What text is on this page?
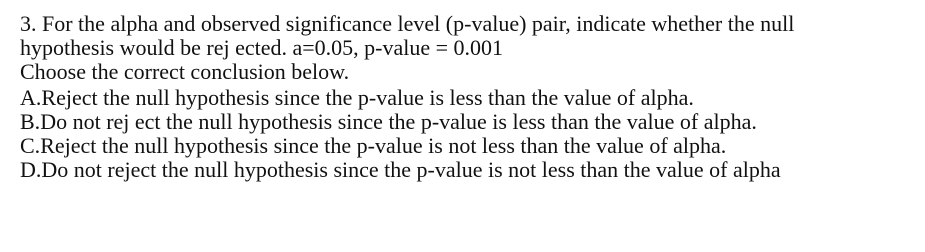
3. For the alpha and observed significance level (p-value) pair, indicate whether the null
hypothesis would be rej ected. a=0.05, p-value = 0.001
Choose the correct conclusion below.
A.Reject the null hypothesis since the p-value is less than the value of alpha.
B.Do not rej ect the null hypothesis since the p-value is less than the value of alpha.
C.Reject the null hypothesis since the p-value is not less than the value of alpha.
D.Do not reject the null hypothesis since the p-value is not less than the value of alpha
